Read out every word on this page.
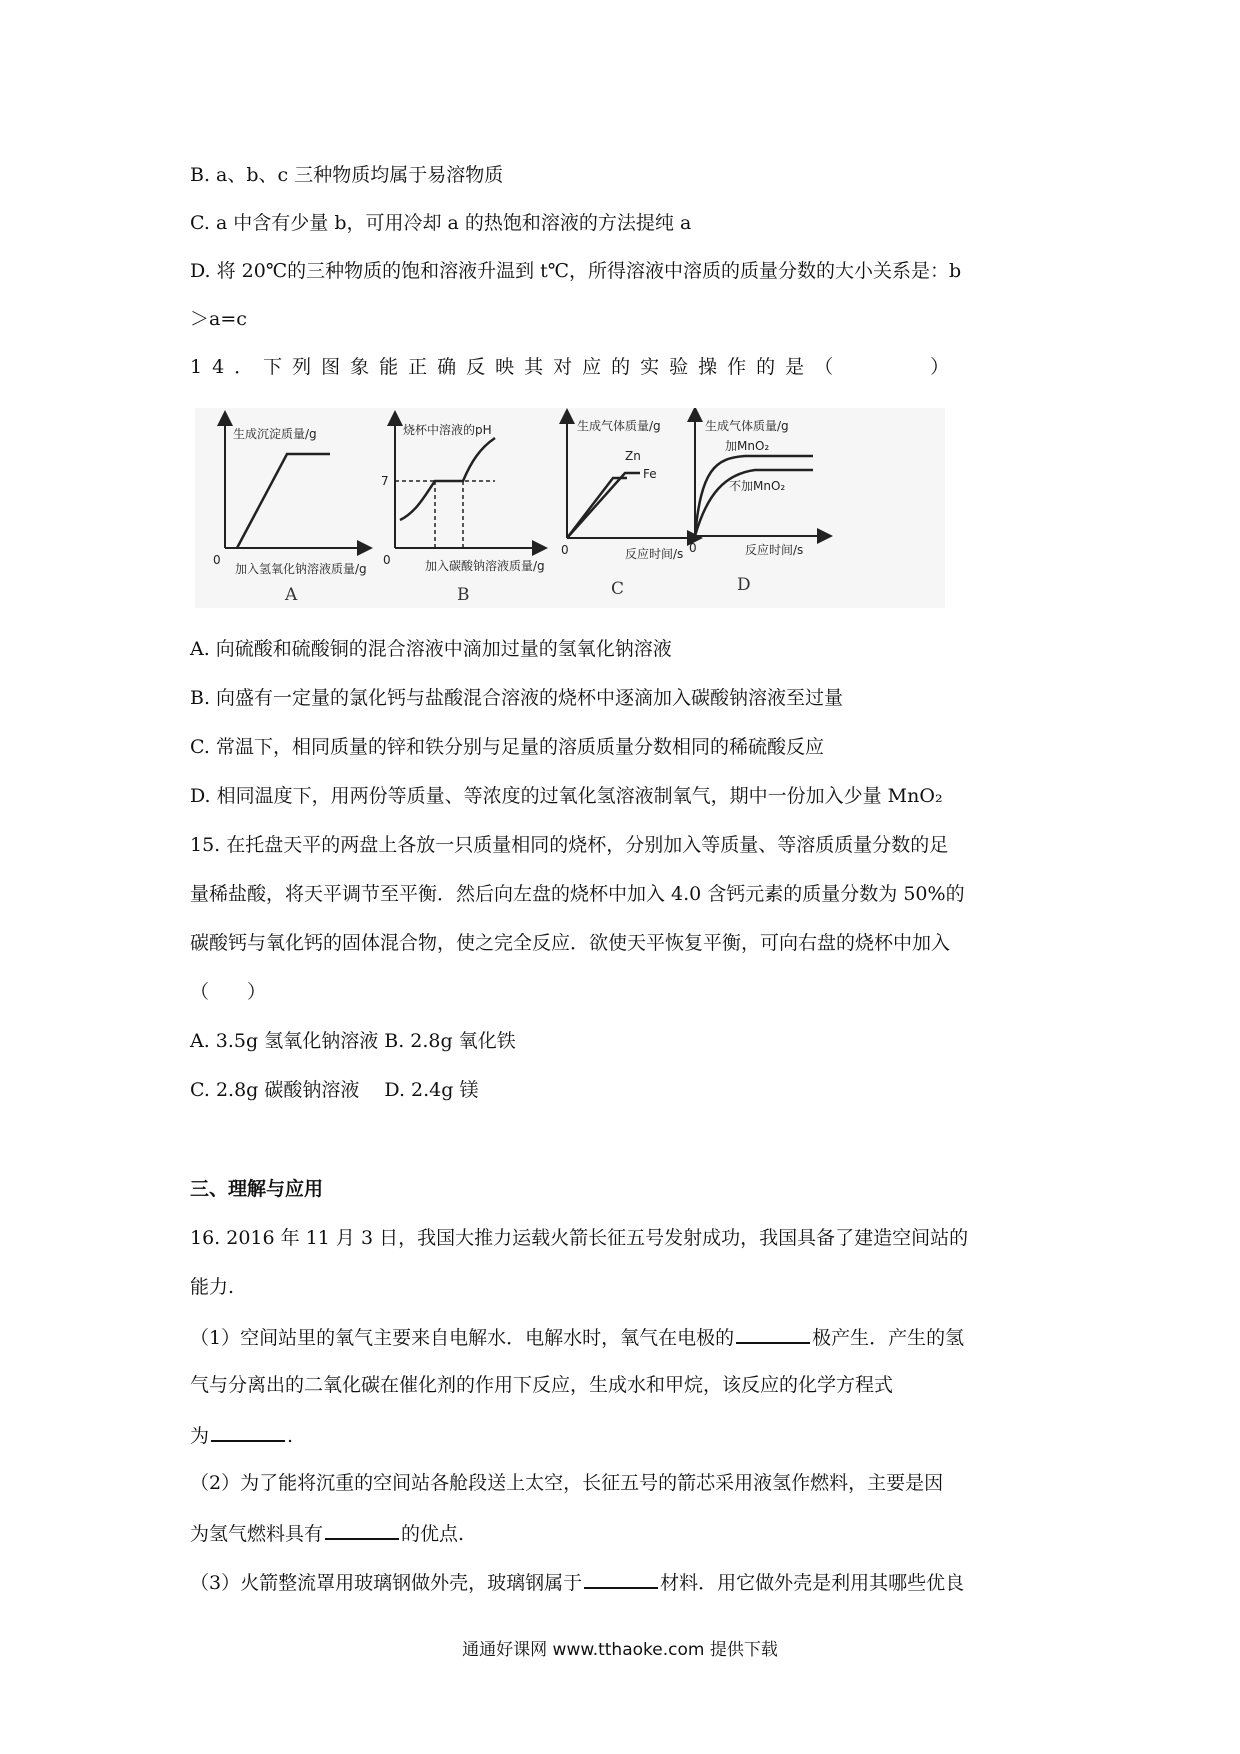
B. a、b、c 三种物质均属于易溶物质
C. a 中含有少量 b，可用冷却 a 的热饱和溶液的方法提纯 a
D. 将 20℃的三种物质的饱和溶液升温到 t℃，所得溶液中溶质的质量分数的大小关系是：b
＞a=c
14．下列图象能正确反映其对应的实验操作的是（　　　）
生成沉淀质量/g
0
加入氢氧化钠溶液质量/g
A
烧杯中溶液的pH
7
0	加入碳酸钠溶液质量/g
B
生成气体质量/g
Zn
Fe
0	反应时间/s
C
生成气体质量/g
加MnO₂
不加MnO₂
0	反应时间/s
D
A. 向硫酸和硫酸铜的混合溶液中滴加过量的氢氧化钠溶液
B. 向盛有一定量的氯化钙与盐酸混合溶液的烧杯中逐滴加入碳酸钠溶液至过量
C. 常温下，相同质量的锌和铁分别与足量的溶质质量分数相同的稀硫酸反应
D. 相同温度下，用两份等质量、等浓度的过氧化氢溶液制氧气，期中一份加入少量 MnO₂
15. 在托盘天平的两盘上各放一只质量相同的烧杯，分别加入等质量、等溶质质量分数的足
量稀盐酸，将天平调节至平衡．然后向左盘的烧杯中加入 4.0 含钙元素的质量分数为 50%的
碳酸钙与氧化钙的固体混合物，使之完全反应．欲使天平恢复平衡，可向右盘的烧杯中加入
（　　）
A. 3.5g 氢氧化钠溶液 B. 2.8g 氧化铁
C. 2.8g 碳酸钠溶液　 D. 2.4g 镁
三、理解与应用
16. 2016 年 11 月 3 日，我国大推力运载火箭长征五号发射成功，我国具备了建造空间站的
能力.
（1）空间站里的氧气主要来自电解水．电解水时，氧气在电极的	极产生．产生的氢
气与分离出的二氧化碳在催化剂的作用下反应，生成水和甲烷，该反应的化学方程式
为	.
（2）为了能将沉重的空间站各舱段送上太空，长征五号的箭芯采用液氢作燃料，主要是因
为氢气燃料具有	的优点.
（3）火箭整流罩用玻璃钢做外壳，玻璃钢属于	材料．用它做外壳是利用其哪些优良
通通好课网 www.tthaoke.com 提供下载
